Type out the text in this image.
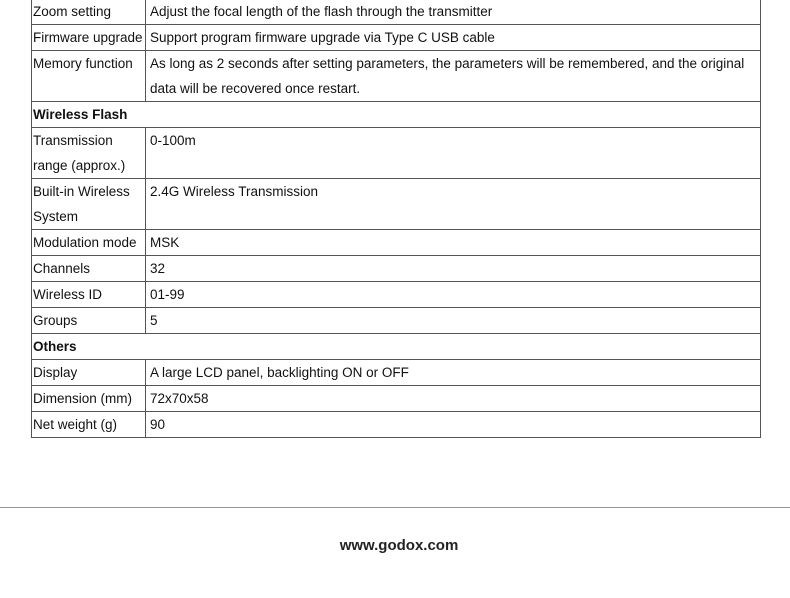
Zoom setting	Adjust the focal length of the flash through the transmitter
Firmware upgrade	Support program firmware upgrade via Type C USB cable
Memory function	As long as 2 seconds after setting parameters, the parameters will be remembered, and the original data will be recovered once restart.
Wireless Flash	
Transmission range (approx.)	0-100m
Built-in Wireless System	2.4G Wireless Transmission
Modulation mode	MSK
Channels	32
Wireless ID	01-99
Groups	5
Others	
Display	A large LCD panel, backlighting ON or OFF
Dimension (mm)	72x70x58
Net weight (g)	90
www.godox.com
